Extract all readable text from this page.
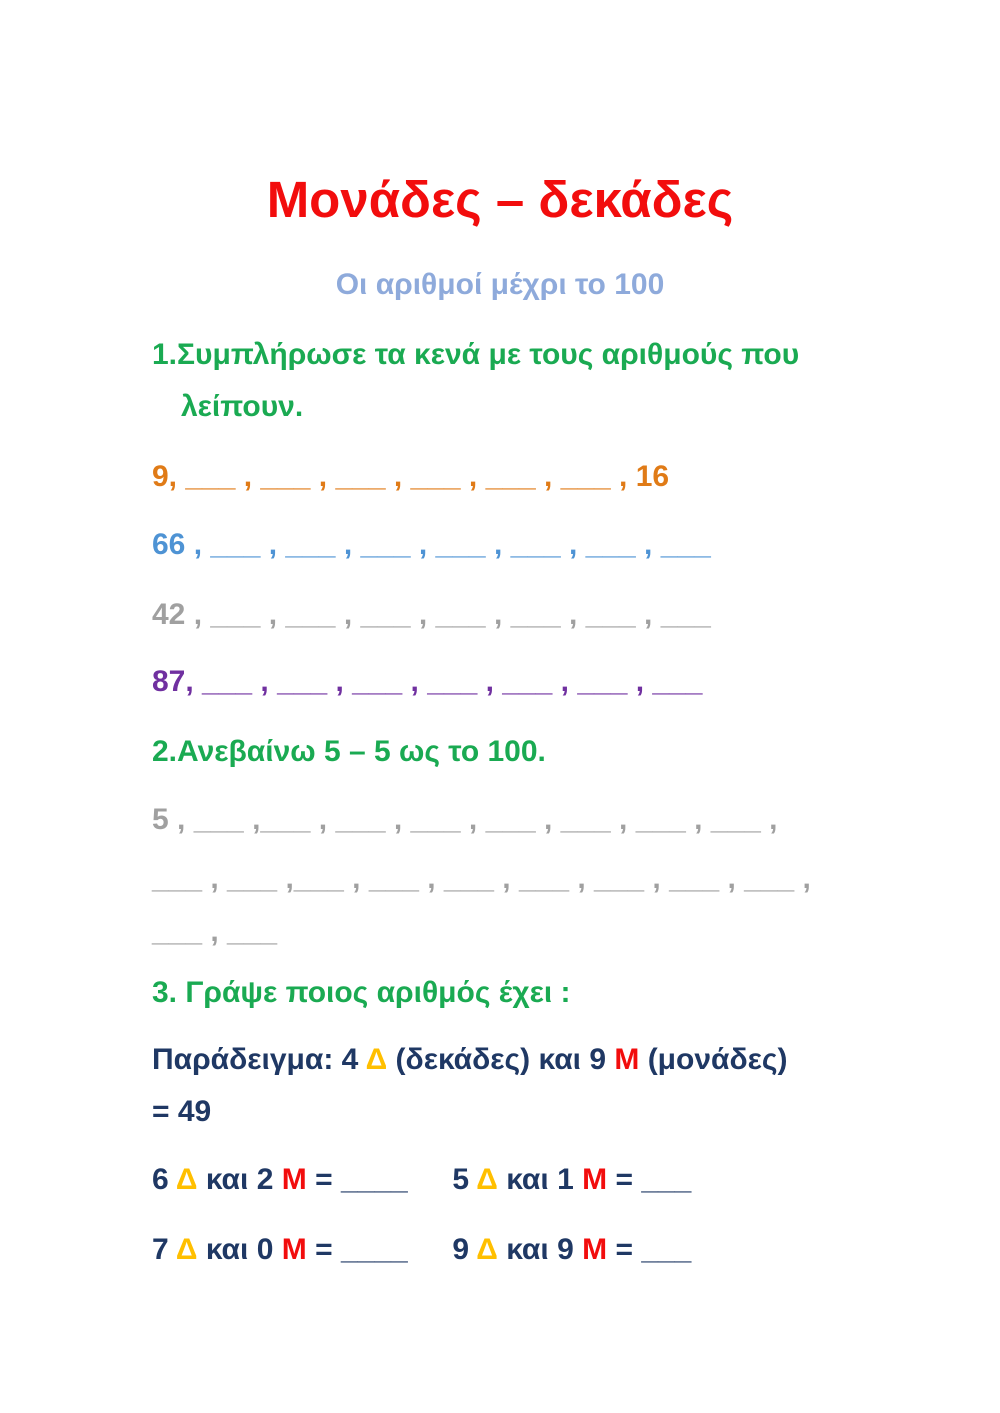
Μονάδες – δεκάδες
Οι αριθμοί μέχρι το 100
1.Συμπλήρωσε τα κενά με τους αριθμούς που
λείπουν.
9, ___ , ___ , ___ , ___ , ___ , ___ , 16
66 , ___ , ___ , ___ , ___ , ___ , ___ , ___
42 , ___ , ___ , ___ , ___ , ___ , ___ , ___
87, ___ , ___ , ___ , ___ , ___ , ___ , ___
2.Ανεβαίνω 5 – 5 ως το 100.
5 , ___ ,___ , ___ , ___ , ___ , ___ , ___ , ___ ,
___ , ___ ,___ , ___ , ___ , ___ , ___ , ___ , ___ ,
___ , ___
3. Γράψε ποιος αριθμός έχει :
Παράδειγμα: 4 Δ (δεκάδες) και 9 Μ (μονάδες)
= 49
6 Δ και 2 Μ = ____ 5 Δ και 1 Μ = ___
7 Δ και 0 Μ = ____ 9 Δ και 9 Μ = ___
